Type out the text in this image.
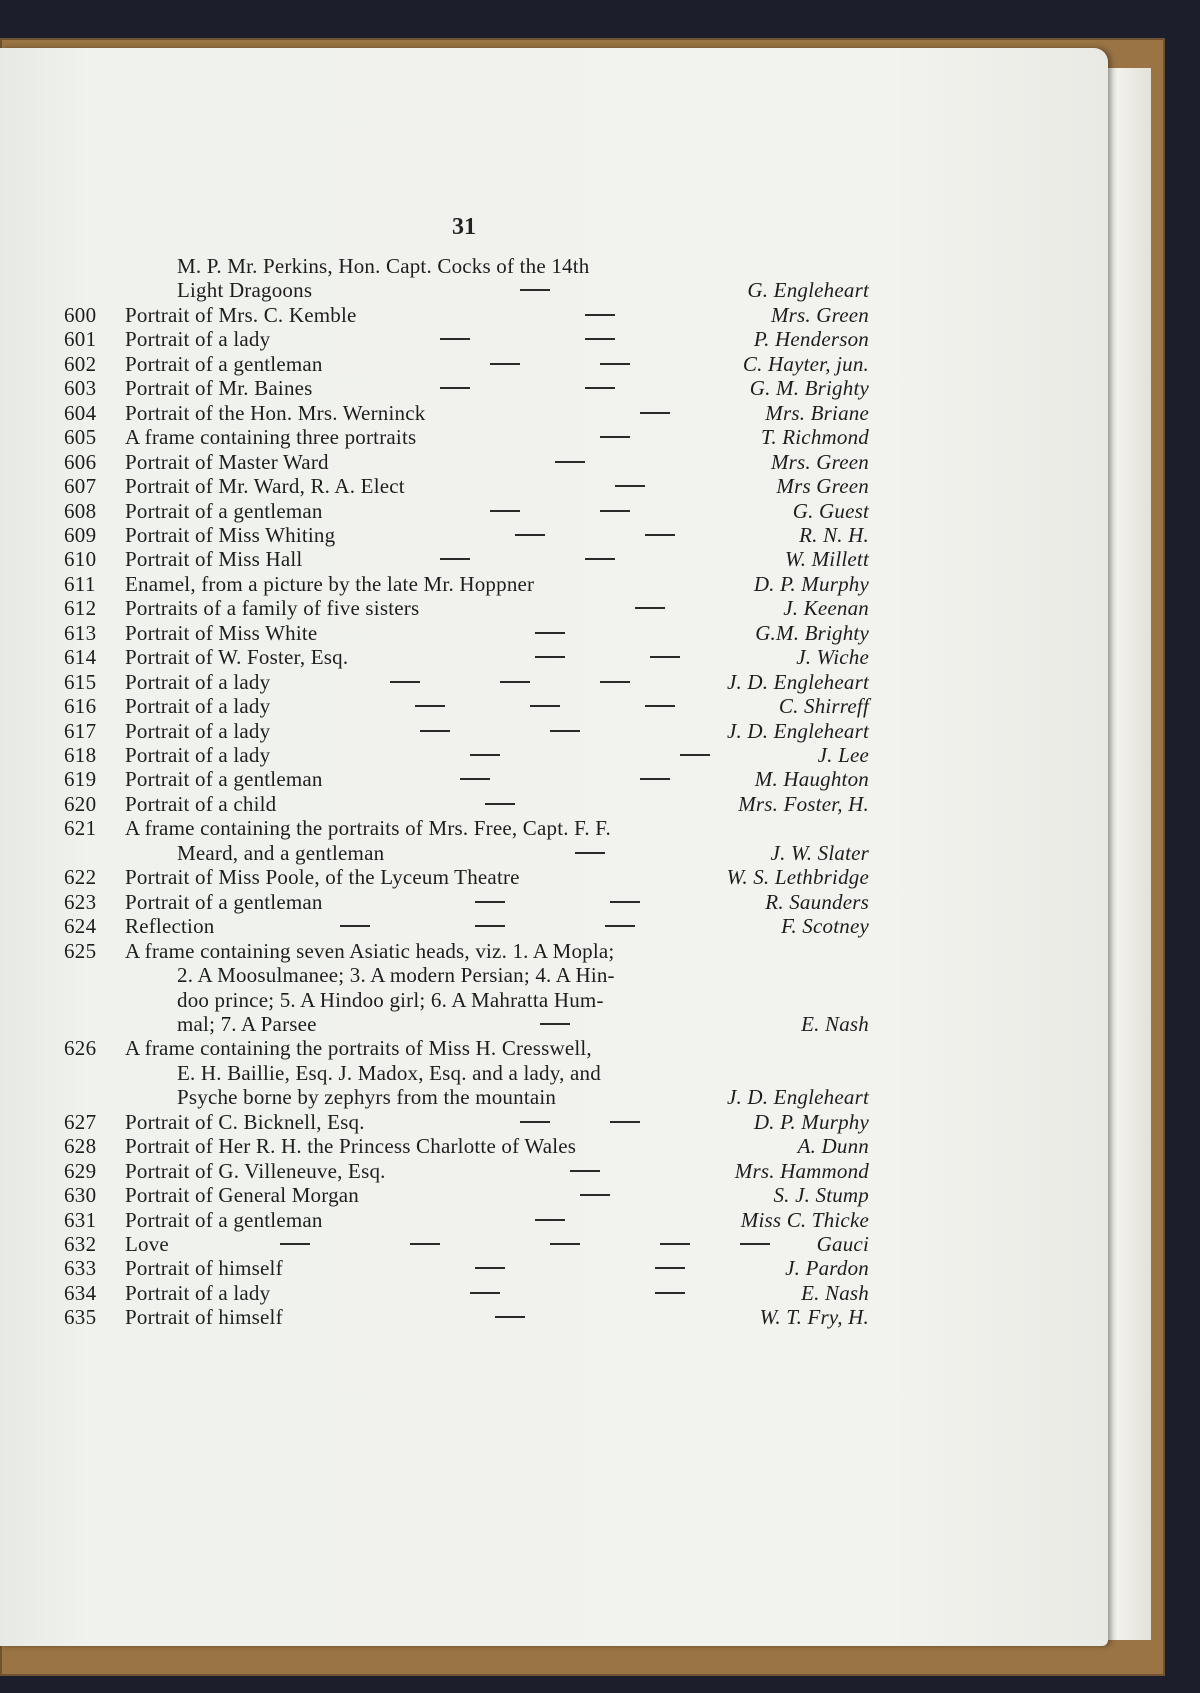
31
M. P. Mr. Perkins, Hon. Capt. Cocks of the 14th
Light Dragoons	G. Engleheart
600	Portrait of Mrs. C. Kemble	Mrs. Green
601	Portrait of a lady	P. Henderson
602	Portrait of a gentleman	C. Hayter, jun.
603	Portrait of Mr. Baines	G. M. Brighty
604	Portrait of the Hon. Mrs. Werninck	Mrs. Briane
605	A frame containing three portraits	T. Richmond
606	Portrait of Master Ward	Mrs. Green
607	Portrait of Mr. Ward, R. A. Elect	Mrs Green
608	Portrait of a gentleman	G. Guest
609	Portrait of Miss Whiting	R. N. H.
610	Portrait of Miss Hall	W. Millett
611	Enamel, from a picture by the late Mr. Hoppner	D. P. Murphy
612	Portraits of a family of five sisters	J. Keenan
613	Portrait of Miss White	G.M. Brighty
614	Portrait of W. Foster, Esq.	J. Wiche
615	Portrait of a lady	J. D. Engleheart
616	Portrait of a lady	C. Shirreff
617	Portrait of a lady	J. D. Engleheart
618	Portrait of a lady	J. Lee
619	Portrait of a gentleman	M. Haughton
620	Portrait of a child	Mrs. Foster, H.
621	A frame containing the portraits of Mrs. Free, Capt. F. F.
Meard, and a gentleman	J. W. Slater
622	Portrait of Miss Poole, of the Lyceum Theatre	W. S. Lethbridge
623	Portrait of a gentleman	R. Saunders
624	Reflection	F. Scotney
625	A frame containing seven Asiatic heads, viz. 1. A Mopla;
2. A Moosulmanee; 3. A modern Persian; 4. A Hin-
doo prince; 5. A Hindoo girl; 6. A Mahratta Hum-
mal; 7. A Parsee	E. Nash
626	A frame containing the portraits of Miss H. Cresswell,
E. H. Baillie, Esq. J. Madox, Esq. and a lady, and
Psyche borne by zephyrs from the mountain	J. D. Engleheart
627	Portrait of C. Bicknell, Esq.	D. P. Murphy
628	Portrait of Her R. H. the Princess Charlotte of Wales	A. Dunn
629	Portrait of G. Villeneuve, Esq.	Mrs. Hammond
630	Portrait of General Morgan	S. J. Stump
631	Portrait of a gentleman	Miss C. Thicke
632	Love	Gauci
633	Portrait of himself	J. Pardon
634	Portrait of a lady	E. Nash
635	Portrait of himself	W. T. Fry, H.
